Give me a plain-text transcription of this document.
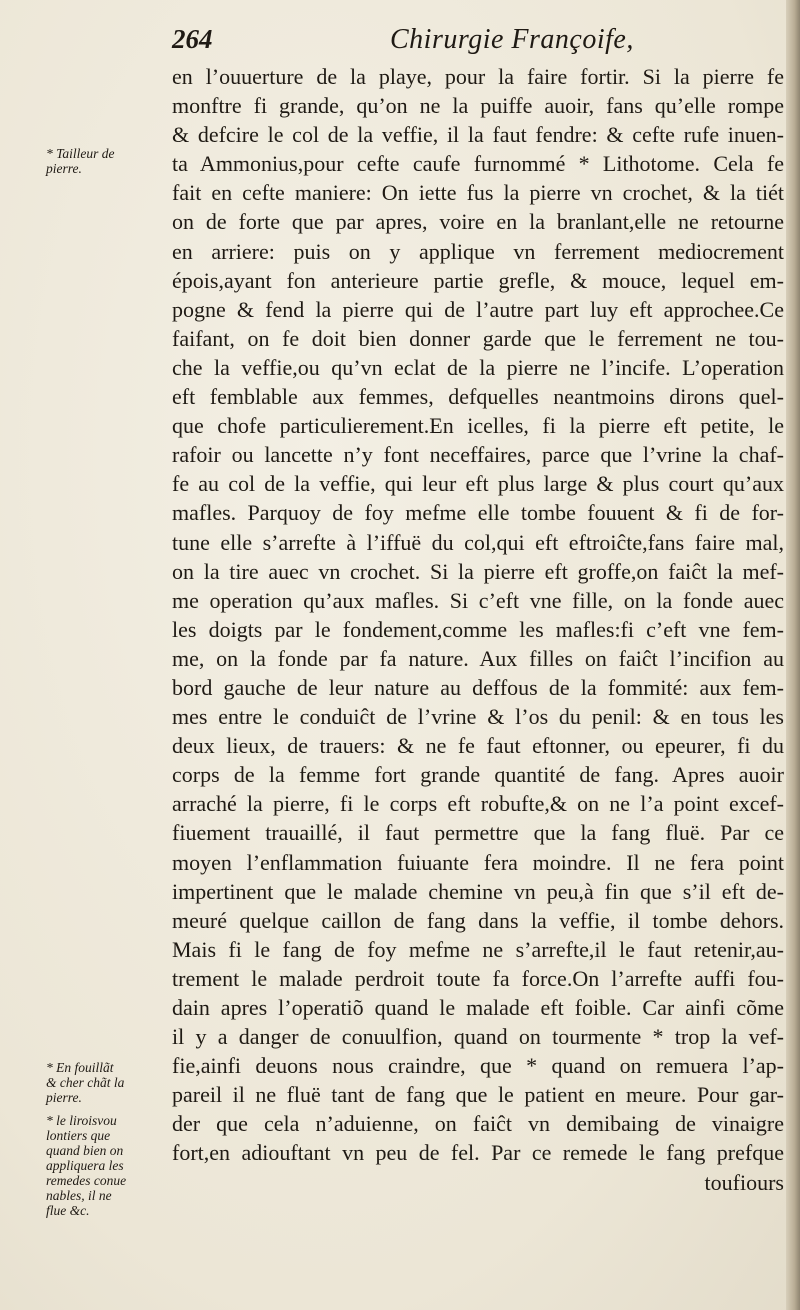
264	Chirurgie Françoife,
en l’ouuerture de la playe, pour la faire fortir. Si la pierre fe
monftre fi grande, qu’on ne la puiffe auoir, fans qu’elle rompe
& defcire le col de la veffie, il la faut fendre: & cefte rufe inuen-
ta Ammonius,pour cefte caufe furnommé * Lithotome. Cela fe
fait en cefte maniere: On iette fus la pierre vn crochet, & la tiét
on de forte que par apres, voire en la branlant,elle ne retourne
en arriere: puis on y applique vn ferrement mediocrement
épois,ayant fon anterieure partie grefle, & mouce, lequel em-
pogne & fend la pierre qui de l’autre part luy eft approchee.Ce
faifant, on fe doit bien donner garde que le ferrement ne tou-
che la veffie,ou qu’vn eclat de la pierre ne l’incife. L’operation
eft femblable aux femmes, defquelles neantmoins dirons quel-
que chofe particulierement.En icelles, fi la pierre eft petite, le
rafoir ou lancette n’y font neceffaires, parce que l’vrine la chaf-
fe au col de la veffie, qui leur eft plus large & plus court qu’aux
mafles. Parquoy de foy mefme elle tombe fouuent & fi de for-
tune elle s’arrefte à l’iffuë du col,qui eft eftroiĉte,fans faire mal,
on la tire auec vn crochet. Si la pierre eft groffe,on faiĉt la mef-
me operation qu’aux mafles. Si c’eft vne fille, on la fonde auec
les doigts par le fondement,comme les mafles:fi c’eft vne fem-
me, on la fonde par fa nature. Aux filles on faiĉt l’incifion au
bord gauche de leur nature au deffous de la fommité: aux fem-
mes entre le conduiĉt de l’vrine & l’os du penil: & en tous les
deux lieux, de trauers: & ne fe faut eftonner, ou epeurer, fi du
corps de la femme fort grande quantité de fang. Apres auoir
arraché la pierre, fi le corps eft robufte,& on ne l’a point excef-
fiuement trauaillé, il faut permettre que la fang fluë. Par ce
moyen l’enflammation fuiuante fera moindre. Il ne fera point
impertinent que le malade chemine vn peu,à fin que s’il eft de-
meuré quelque caillon de fang dans la veffie, il tombe dehors.
Mais fi le fang de foy mefme ne s’arrefte,il le faut retenir,au-
trement le malade perdroit toute fa force.On l’arrefte auffi fou-
dain apres l’operatiõ quand le malade eft foible. Car ainfi cõme
il y a danger de conuulfion, quand on tourmente * trop la vef-
fie,ainfi deuons nous craindre, que * quand on remuera l’ap-
pareil il ne fluë tant de fang que le patient en meure. Pour gar-
der que cela n’aduienne, on faiĉt vn demibaing de vinaigre
fort,en adiouftant vn peu de fel. Par ce remede le fang prefque
toufiours
* Tailleur de
pierre.
* En fouillãt
& cher chãt la
pierre.
* le liroisvou
lontiers que
quand bien on
appliquera les
remedes conue
nables, il ne
flue &c.
